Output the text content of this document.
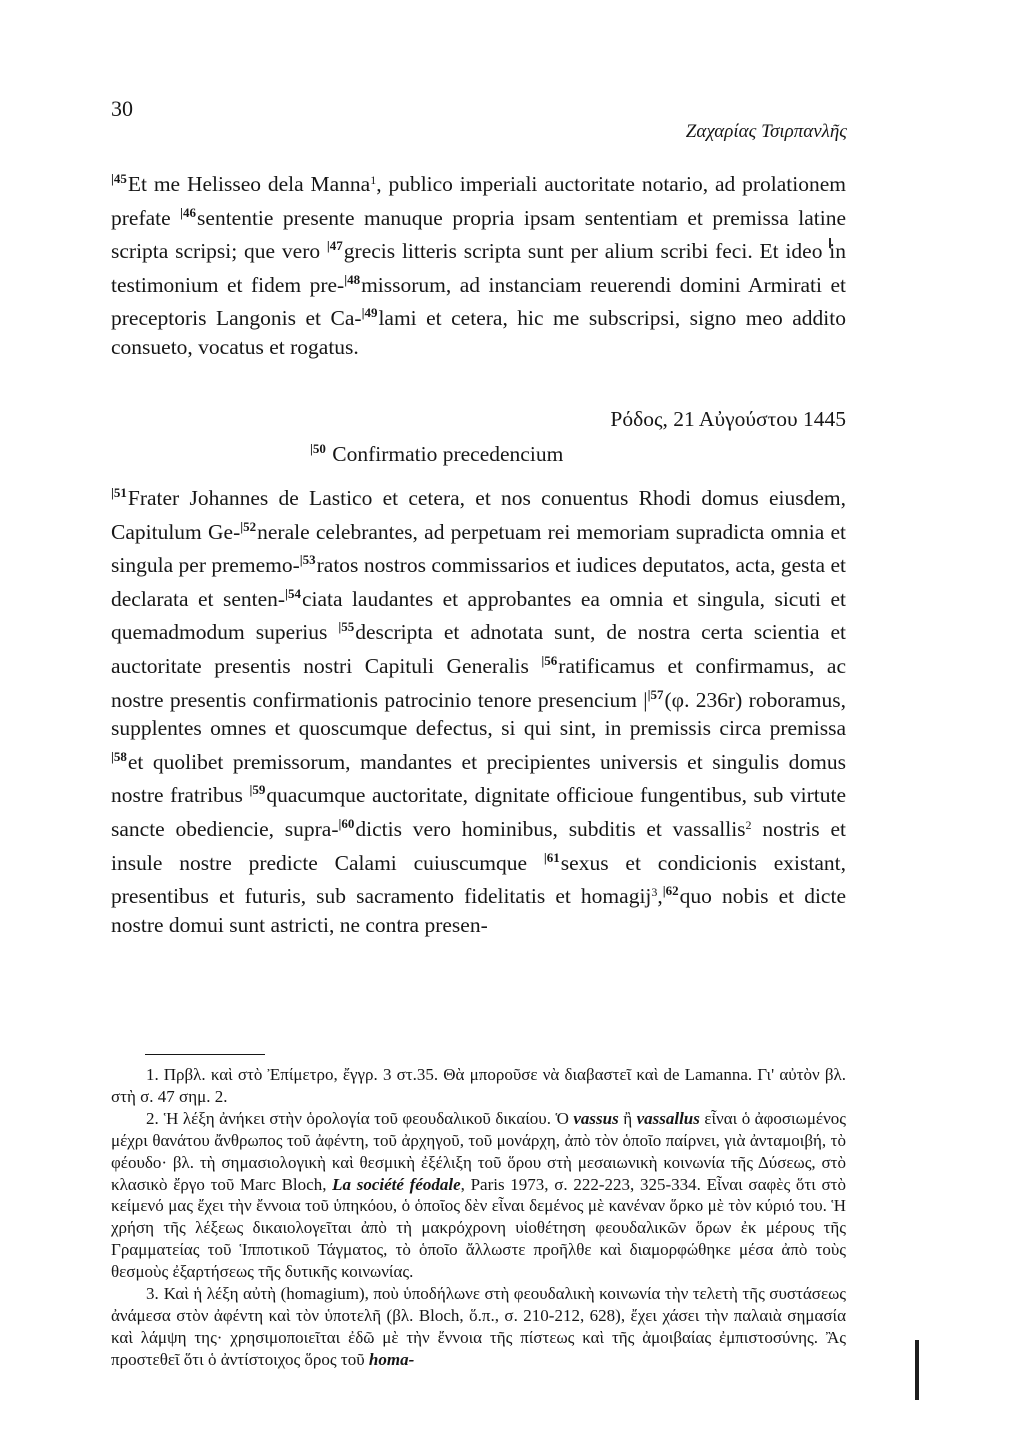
30
Ζαχαρίας Τσιρπανλῆς

$^{|45}$Et me Helisseo dela Manna$^1$, publico imperiali auctoritate notario, ad prolationem prefate $^{|46}$sententie presente manuque propria ipsam sententiam et premissa latine scripta scripsi; que vero $^{|47}$grecis litteris scripta sunt per alium scribi feci. Et ideo in testimonium et fidem pre-$^{|48}$missorum, ad instanciam reuerendi domini Armirati et preceptoris Langonis et Ca-$^{|49}$lami et cetera, hic me subscripsi, signo meo addito consueto, vocatus et rogatus.

Ρόδος, 21 Αὐγούστου 1445
$^{|50}$ Confirmatio precedencium

$^{|51}$Frater Johannes de Lastico et cetera, et nos conuentus Rhodi domus eiusdem, Capitulum Ge-$^{|52}$nerale celebrantes, ad perpetuam rei memoriam supradicta omnia et singula per prememo-$^{|53}$ratos nostros commissarios et iudices deputatos, acta, gesta et declarata et senten-$^{|54}$ciata laudantes et approbantes ea omnia et singula, sicuti et quemadmodum superius $^{|55}$descripta et adnotata sunt, de nostra certa scientia et auctoritate presentis nostri Capituli Generalis $^{|56}$ratificamus et confirmamus, ac nostre presentis confirmationis patrocinio tenore presencium $|^{|57}(\varphi$. 236r) roboramus, supplentes omnes et quoscumque defectus, si qui sint, in premissis circa premissa $^{|58}$et quolibet premissorum, mandantes et precipientes universis et singulis domus nostre fratribus $^{|59}$quacumque auctoritate, dignitate officioue fungentibus, sub virtute sancte obediencie, supra-$^{|60}$dictis vero hominibus, subditis et vassallis$^2$ nostris et insule nostre predicte Calami cuiuscumque $^{|61}$sexus et condicionis existant, presentibus et futuris, sub sacramento fidelitatis et homagij$^3$,$^{|62}$quo nobis et dicte nostre domui sunt astricti, ne contra presen-

1. Πρβλ. καὶ στὸ Ἐπίμετρο, ἔγγρ. 3 στ.35. Θὰ μποροῦσε νὰ διαβαστεῖ καὶ de Lamanna. Γι' αὐτὸν βλ. στὴ σ. 47 σημ. 2.

2. Ἡ λέξη ἀνήκει στὴν ὁρολογία τοῦ φεουδαλικοῦ δικαίου. Ὁ vassus ἢ vassallus εἶναι ὁ ἀφοσιωμένος μέχρι θανάτου ἄνθρωπος τοῦ ἀφέντη, τοῦ ἀρχηγοῦ, τοῦ μονάρχη, ἀπὸ τὸν ὁποῖο παίρνει, γιὰ ἀνταμοιβή, τὸ φέουδο· βλ. τὴ σημασιολογικὴ καὶ θεσμικὴ ἐξέλιξη τοῦ ὅρου στὴ μεσαιωνικὴ κοινωνία τῆς Δύσεως, στὸ κλασικὸ ἔργο τοῦ Marc Bloch, La société féodale, Paris 1973, σ. 222-223, 325-334. Εἶναι σαφὲς ὅτι στὸ κείμενό μας ἔχει τὴν ἔννοια τοῦ ὑπηκόου, ὁ ὁποῖος δὲν εἶναι δεμένος μὲ κανέναν ὅρκο μὲ τὸν κύριό του. Ἡ χρήση τῆς λέξεως δικαιολογεῖται ἀπὸ τὴ μακρόχρονη υἱοθέτηση φεουδαλικῶν ὅρων ἐκ μέρους τῆς Γραμματείας τοῦ Ἱπποτικοῦ Τάγματος, τὸ ὁποῖο ἄλλωστε προῆλθε καὶ διαμορφώθηκε μέσα ἀπὸ τοὺς θεσμοὺς ἐξαρτήσεως τῆς δυτικῆς κοινωνίας.

3. Καὶ ἡ λέξη αὐτὴ (homagium), ποὺ ὑποδήλωνε στὴ φεουδαλικὴ κοινωνία τὴν τελετὴ τῆς συστάσεως ἀνάμεσα στὸν ἀφέντη καὶ τὸν ὑποτελῆ (βλ. Bloch, ὅ.π., σ. 210-212, 628), ἔχει χάσει τὴν παλαιὰ σημασία καὶ λάμψη της· χρησιμοποιεῖται ἐδῶ μὲ τὴν ἔννοια τῆς πίστεως καὶ τῆς ἀμοιβαίας ἐμπιστοσύνης. Ἂς προστεθεῖ ὅτι ὁ ἀντίστοιχος ὅρος τοῦ homa-
